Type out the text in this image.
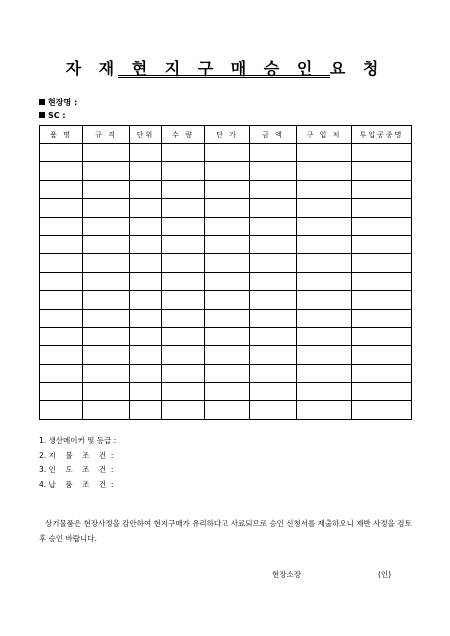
자 재 현 지 구 매 승 인 요 청
현장명 :
SC :
품 명	규 격	단위	수 량	단 가	금 액	구 입 처	투입공종명

1. 생산메이커 및 등급 :
2. 지    불    조    건  :
3. 인    도    조    건  :
4. 납    품    조    건  :
상기물품은 현장사정을 감안하여 현지구매가 유리하다고 사료되므로 승인 신청서를 제출하오니 제반 사정을 검토 후 승인 바랍니다.
현장소장	(인)
